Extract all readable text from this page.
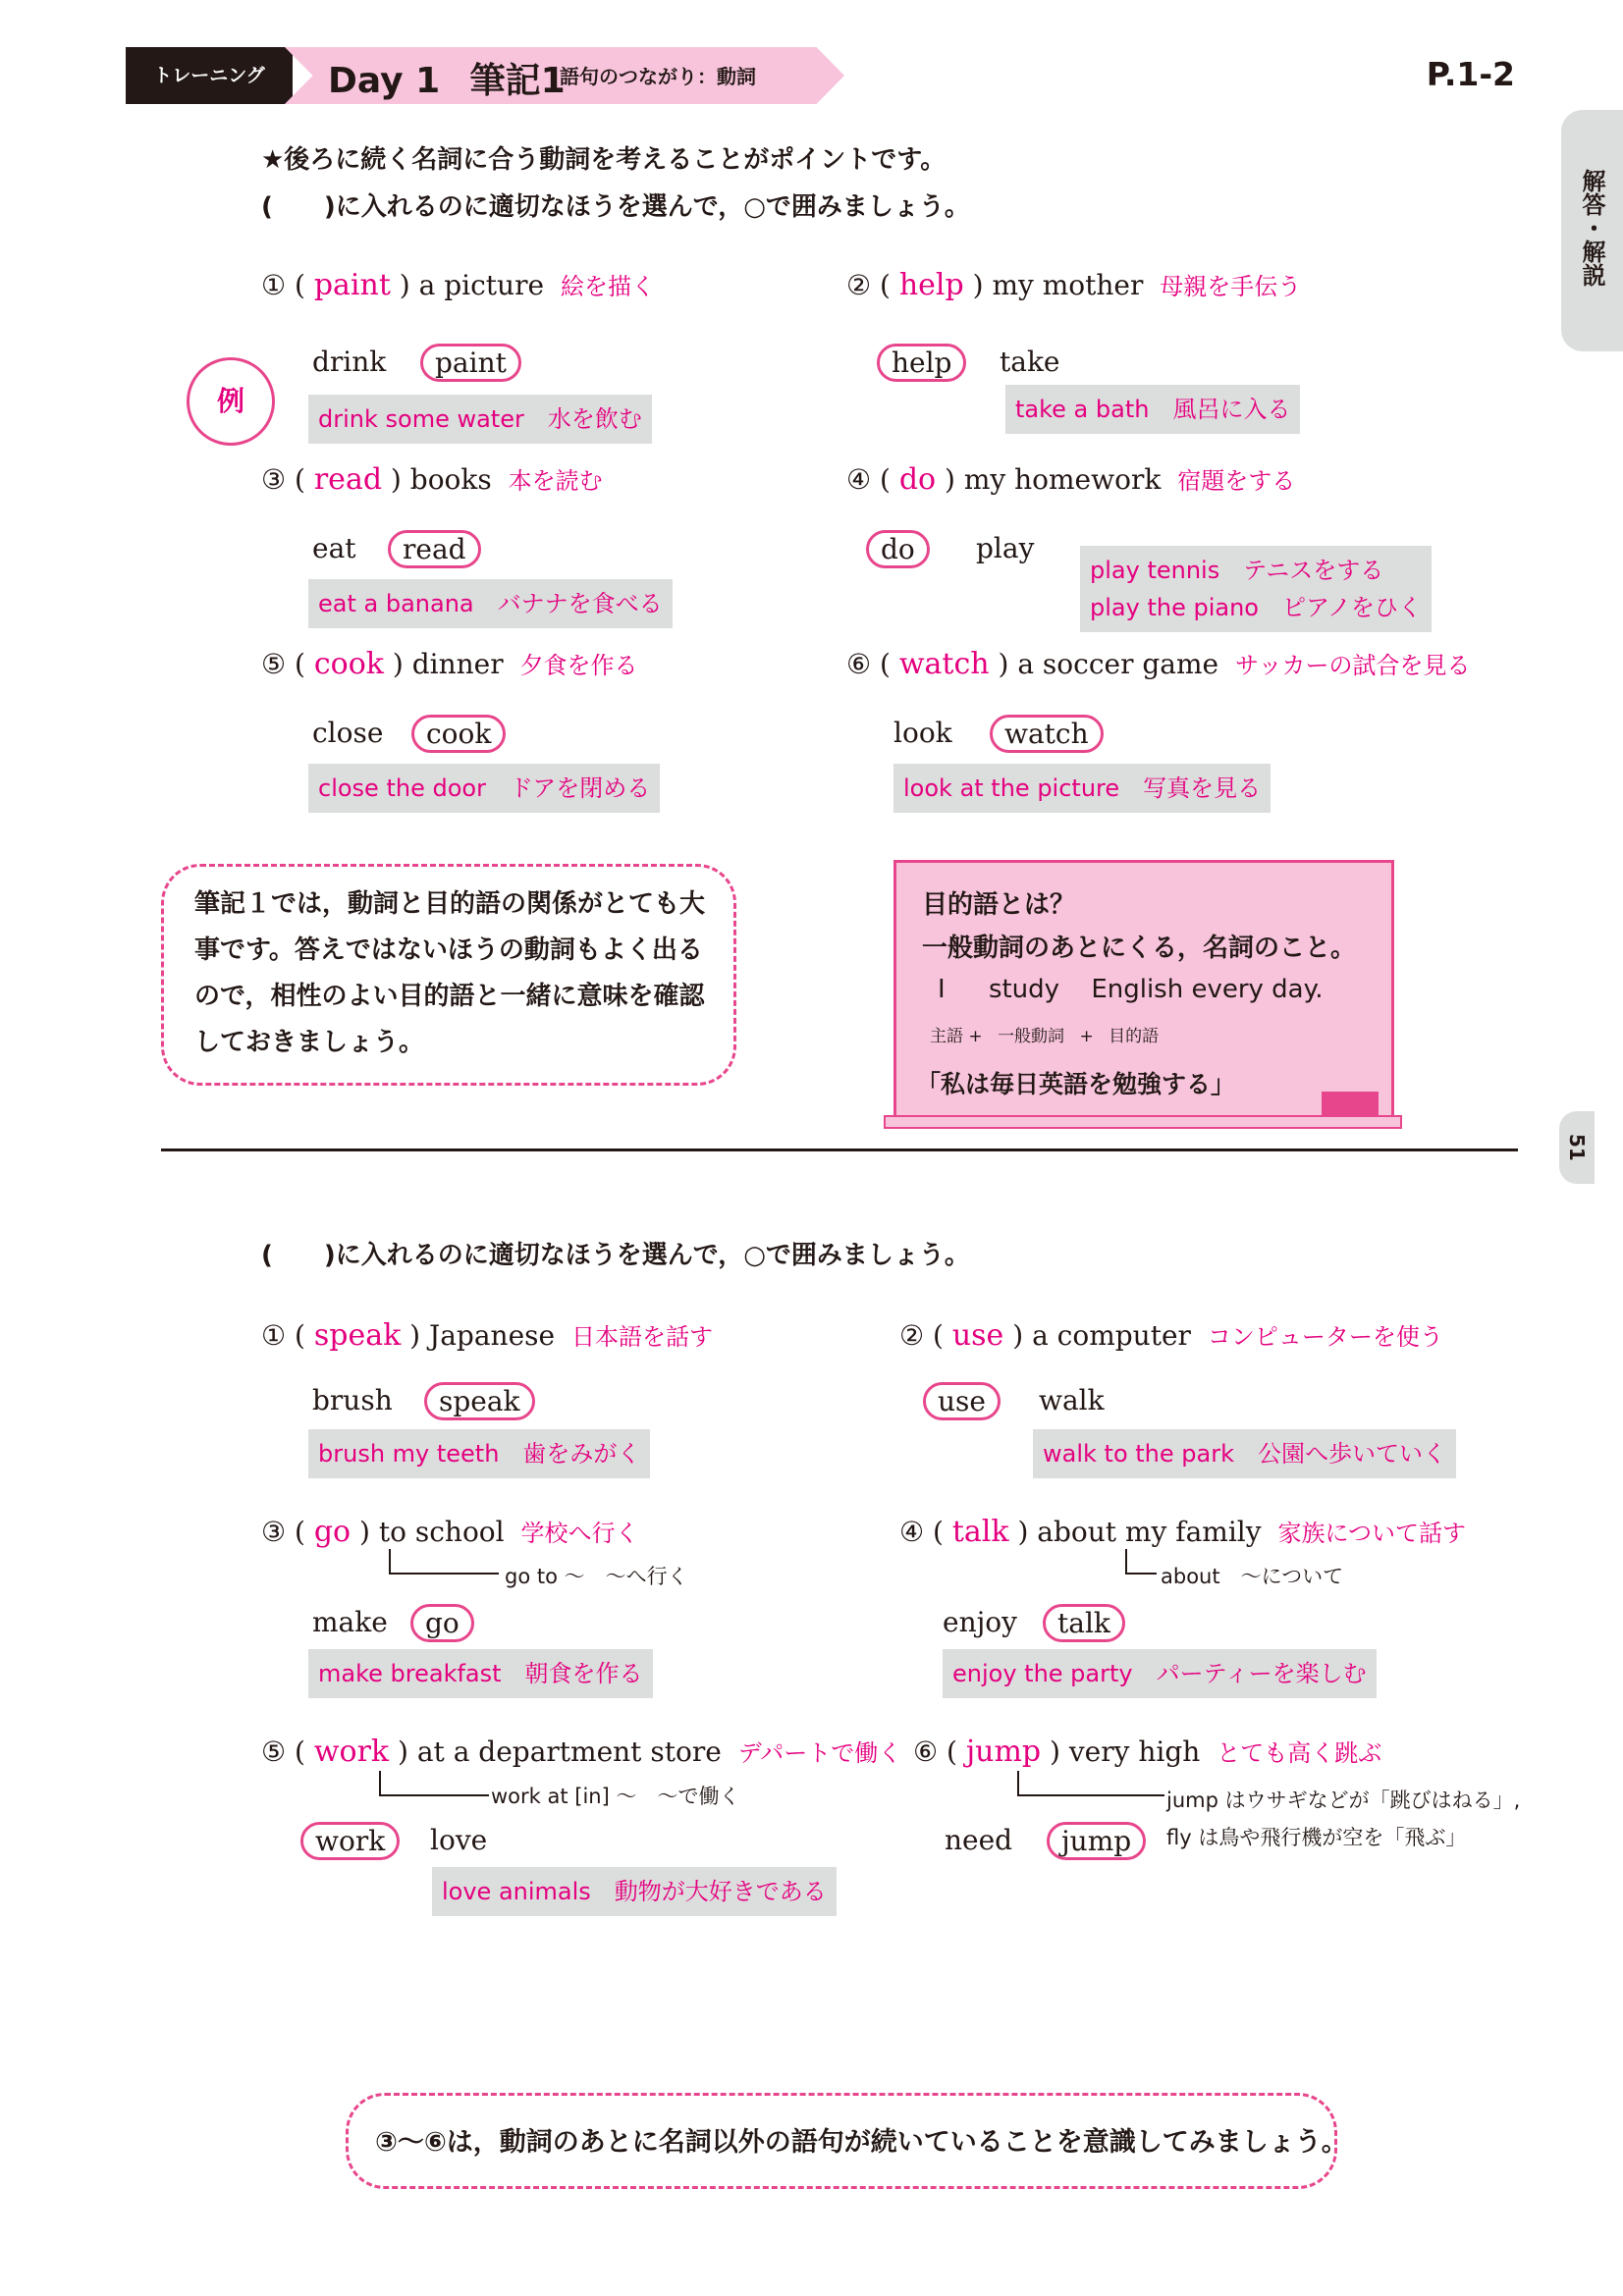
トレーニング	Day 1 筆記1
語句のつながり：動詞	P.1-2
解答・解説
51
★後ろに続く名詞に合う動詞を考えることがポイントです。
(　　)に入れるのに適切なほうを選んで，○で囲みましょう。
① ( paint ) a picture 絵を描く
drink	paint
例
drink some water　水を飲む
② ( help ) my mother 母親を手伝う
help	take
take a bath　風呂に入る
③ ( read ) books 本を読む
eat	read
eat a banana　バナナを食べる
④ ( do ) my homework 宿題をする
do	play
play tennis　テニスをする
play the piano　ピアノをひく
⑤ ( cook ) dinner 夕食を作る
close	cook
close the door　ドアを閉める
⑥ ( watch ) a soccer game サッカーの試合を見る
look	watch
look at the picture　写真を見る
筆記１では，動詞と目的語の関係がとても大事です。答えではないほうの動詞もよく出るので，相性のよい目的語と一緒に意味を確認しておきましょう。
目的語とは？
一般動詞のあとにくる，名詞のこと。
I study English every day.
主語 + 一般動詞 + 目的語
「私は毎日英語を勉強する」
(　　)に入れるのに適切なほうを選んで，○で囲みましょう。
① ( speak ) Japanese 日本語を話す
brush	speak
brush my teeth　歯をみがく
② ( use ) a computer コンピューターを使う
use	walk
walk to the park　公園へ歩いていく
③ ( go ) to school 学校へ行く
go to ～　～へ行く
make	go
make breakfast　朝食を作る
④ ( talk ) about my family 家族について話す
about　～について
enjoy	talk
enjoy the party　パーティーを楽しむ
⑤ ( work ) at a department store デパートで働く
work at [in] ～　～で働く
work	love
love animals　動物が大好きである
⑥ ( jump ) very high とても高く跳ぶ
jump はウサギなどが「跳びはねる」,
fly は鳥や飛行機が空を「飛ぶ」
need	jump
③～⑥は，動詞のあとに名詞以外の語句が続いていることを意識してみましょう。
